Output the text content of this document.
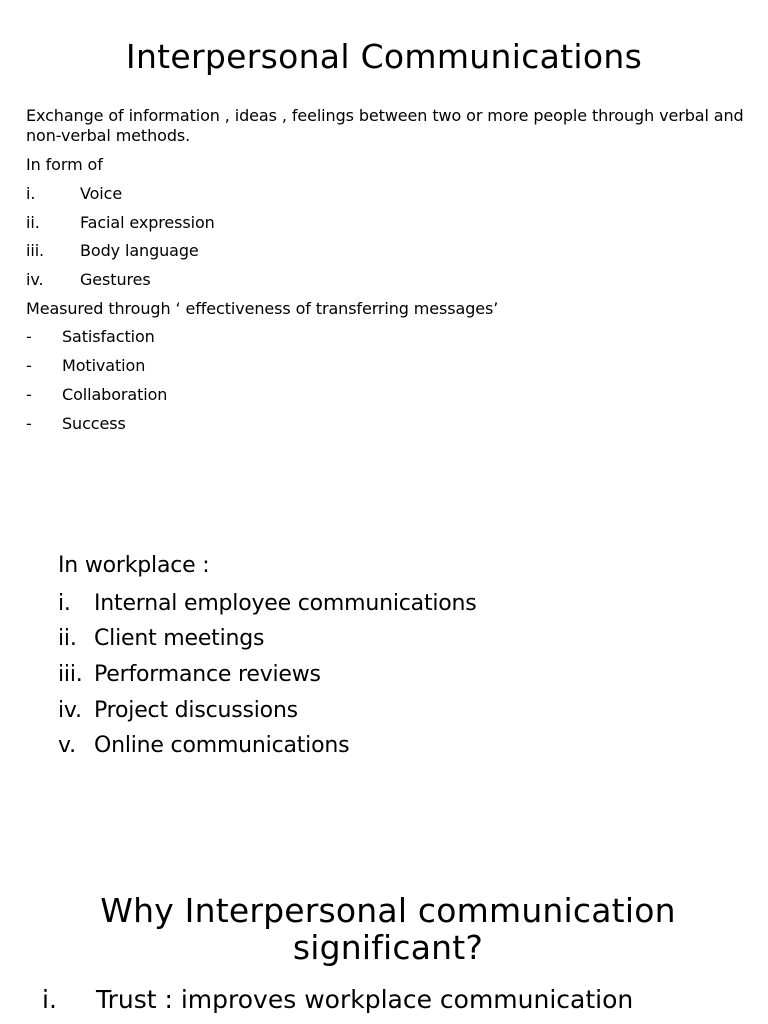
Interpersonal Communications
Exchange of information , ideas , feelings between two or more people through verbal and non-verbal methods.
In form of
i.	Voice
ii.	Facial expression
iii. Body language
iv. Gestures
Measured through ‘ effectiveness of transferring messages’
- Satisfaction
- Motivation
- Collaboration
- Success
In workplace :
i. Internal employee communications
ii. Client meetings
iii. Performance reviews
iv. Project discussions
v. Online communications
Why Interpersonal communication significant?
i. Trust : improves workplace communication
